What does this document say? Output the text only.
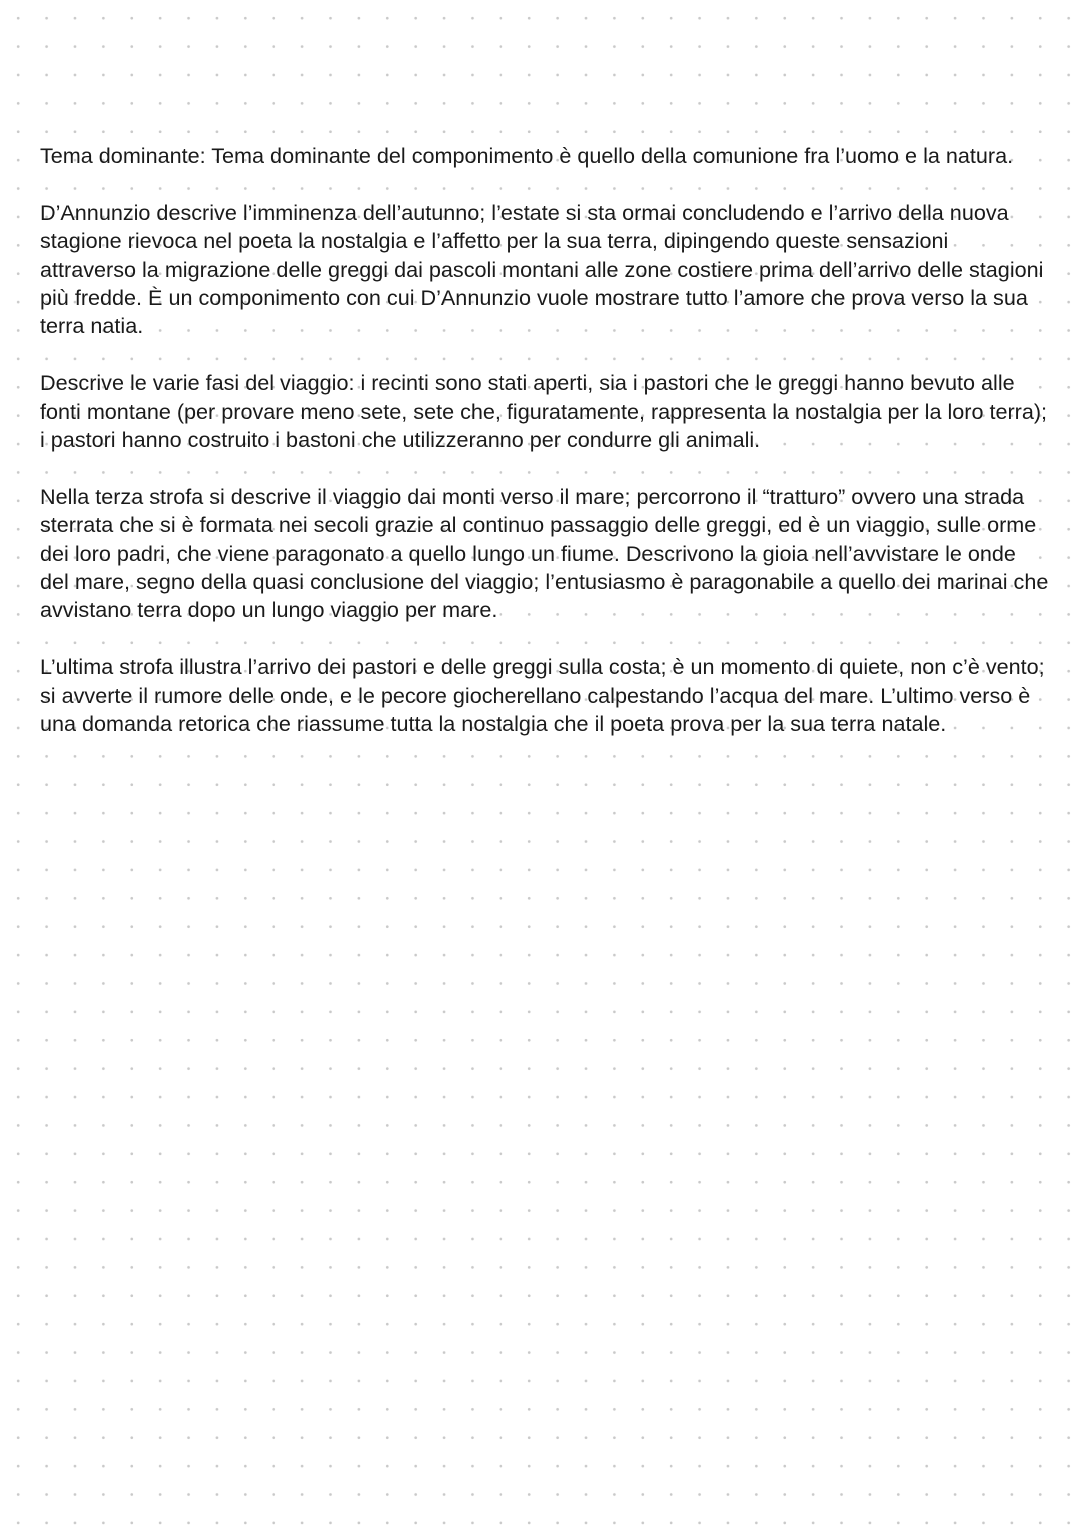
Tema dominante: Tema dominante del componimento è quello della comunione fra l’uomo e la natura.

D’Annunzio descrive l’imminenza dell’autunno; l’estate si sta ormai concludendo e l’arrivo della nuova stagione rievoca nel poeta la nostalgia e l’affetto per la sua terra, dipingendo queste sensazioni attraverso la migrazione delle greggi dai pascoli montani alle zone costiere prima dell’arrivo delle stagioni più fredde. È un componimento con cui D’Annunzio vuole mostrare tutto l’amore che prova verso la sua terra natia.

Descrive le varie fasi del viaggio: i recinti sono stati aperti, sia i pastori che le greggi hanno bevuto alle fonti montane (per provare meno sete, sete che, figuratamente, rappresenta la nostalgia per la loro terra); i pastori hanno costruito i bastoni che utilizzeranno per condurre gli animali.

Nella terza strofa si descrive il viaggio dai monti verso il mare; percorrono il “tratturo” ovvero una strada sterrata che si è formata nei secoli grazie al continuo passaggio delle greggi, ed è un viaggio, sulle orme dei loro padri, che viene paragonato a quello lungo un fiume. Descrivono la gioia nell’avvistare le onde del mare, segno della quasi conclusione del viaggio; l’entusiasmo è paragonabile a quello dei marinai che avvistano terra dopo un lungo viaggio per mare.

L’ultima strofa illustra l’arrivo dei pastori e delle greggi sulla costa; è un momento di quiete, non c’è vento; si avverte il rumore delle onde, e le pecore giocherellano calpestando l’acqua del mare. L’ultimo verso è una domanda retorica che riassume tutta la nostalgia che il poeta prova per la sua terra natale.
